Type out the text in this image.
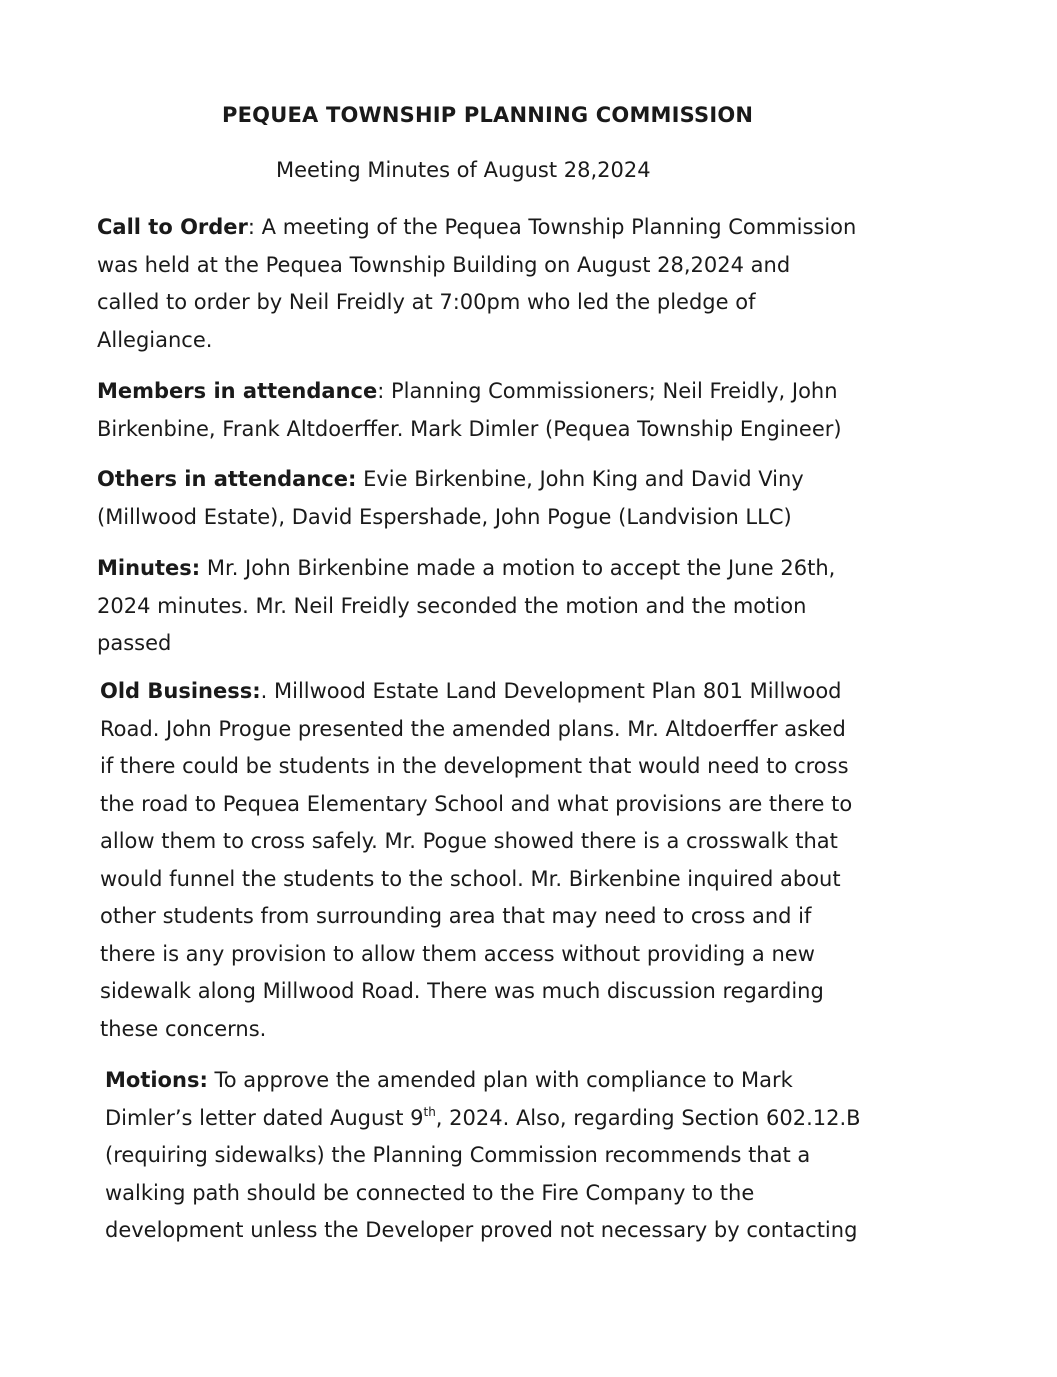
PEQUEA TOWNSHIP PLANNING COMMISSION
Meeting Minutes of August 28,2024
Call to Order: A meeting of the Pequea Township Planning Commission
was held at the Pequea Township Building on August 28,2024 and
called to order by Neil Freidly at 7:00pm who led the pledge of
Allegiance.
Members in attendance: Planning Commissioners; Neil Freidly, John
Birkenbine, Frank Altdoerffer. Mark Dimler (Pequea Township Engineer)
Others in attendance: Evie Birkenbine, John King and David Viny
(Millwood Estate), David Espershade, John Pogue (Landvision LLC)
Minutes: Mr. John Birkenbine made a motion to accept the June 26th,
2024 minutes. Mr. Neil Freidly seconded the motion and the motion
passed
Old Business:. Millwood Estate Land Development Plan 801 Millwood
Road. John Progue presented the amended plans. Mr. Altdoerffer asked
if there could be students in the development that would need to cross
the road to Pequea Elementary School and what provisions are there to
allow them to cross safely. Mr. Pogue showed there is a crosswalk that
would funnel the students to the school. Mr. Birkenbine inquired about
other students from surrounding area that may need to cross and if
there is any provision to allow them access without providing a new
sidewalk along Millwood Road. There was much discussion regarding
these concerns.
Motions: To approve the amended plan with compliance to Mark
Dimler’s letter dated August 9th, 2024. Also, regarding Section 602.12.B
(requiring sidewalks) the Planning Commission recommends that a
walking path should be connected to the Fire Company to the
development unless the Developer proved not necessary by contacting
